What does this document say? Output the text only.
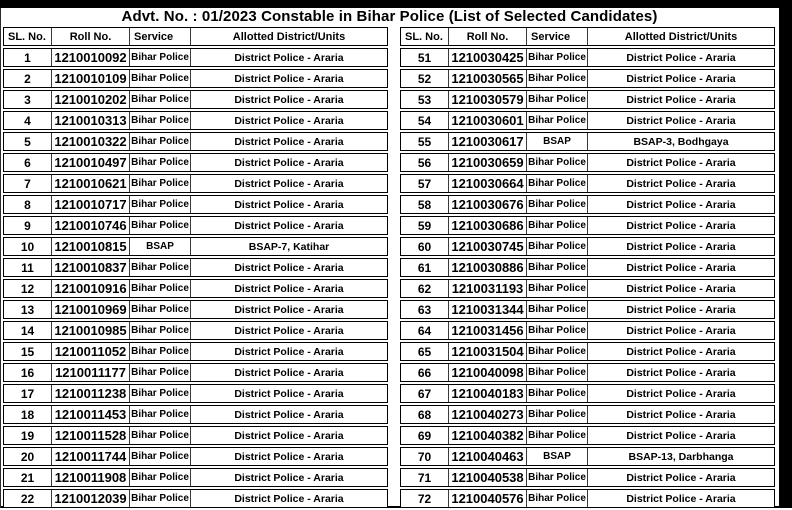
Advt. No. : 01/2023 Constable in Bihar Police (List of Selected Candidates)
SL. No.	Roll No.	Service	Allotted District/Units
1	1210010092 Bihar Police	District Police - Araria
2	1210010109 Bihar Police	District Police - Araria
3	1210010202 Bihar Police	District Police - Araria
4	1210010313 Bihar Police	District Police - Araria
5	1210010322 Bihar Police	District Police - Araria
6	1210010497 Bihar Police	District Police - Araria
7	1210010621 Bihar Police	District Police - Araria
8	1210010717 Bihar Police	District Police - Araria
9	1210010746 Bihar Police	District Police - Araria
10	1210010815	BSAP	BSAP-7, Katihar
11	1210010837 Bihar Police	District Police - Araria
12	1210010916 Bihar Police	District Police - Araria
13	1210010969 Bihar Police	District Police - Araria
14	1210010985 Bihar Police	District Police - Araria
15	1210011052 Bihar Police	District Police - Araria
16	1210011177 Bihar Police	District Police - Araria
17	1210011238 Bihar Police	District Police - Araria
18	1210011453 Bihar Police	District Police - Araria
19	1210011528 Bihar Police	District Police - Araria
20	1210011744 Bihar Police	District Police - Araria
21	1210011908 Bihar Police	District Police - Araria
22	1210012039 Bihar Police	District Police - Araria
SL. No.	Roll No.	Service	Allotted District/Units
51	1210030425 Bihar Police	District Police - Araria
52	1210030565 Bihar Police	District Police - Araria
53	1210030579 Bihar Police	District Police - Araria
54	1210030601 Bihar Police	District Police - Araria
55	1210030617	BSAP	BSAP-3, Bodhgaya
56	1210030659 Bihar Police	District Police - Araria
57	1210030664 Bihar Police	District Police - Araria
58	1210030676 Bihar Police	District Police - Araria
59	1210030686 Bihar Police	District Police - Araria
60	1210030745 Bihar Police	District Police - Araria
61	1210030886 Bihar Police	District Police - Araria
62	1210031193 Bihar Police	District Police - Araria
63	1210031344 Bihar Police	District Police - Araria
64	1210031456 Bihar Police	District Police - Araria
65	1210031504 Bihar Police	District Police - Araria
66	1210040098 Bihar Police	District Police - Araria
67	1210040183 Bihar Police	District Police - Araria
68	1210040273 Bihar Police	District Police - Araria
69	1210040382 Bihar Police	District Police - Araria
70	1210040463	BSAP	BSAP-13, Darbhanga
71	1210040538 Bihar Police	District Police - Araria
72	1210040576 Bihar Police	District Police - Araria
